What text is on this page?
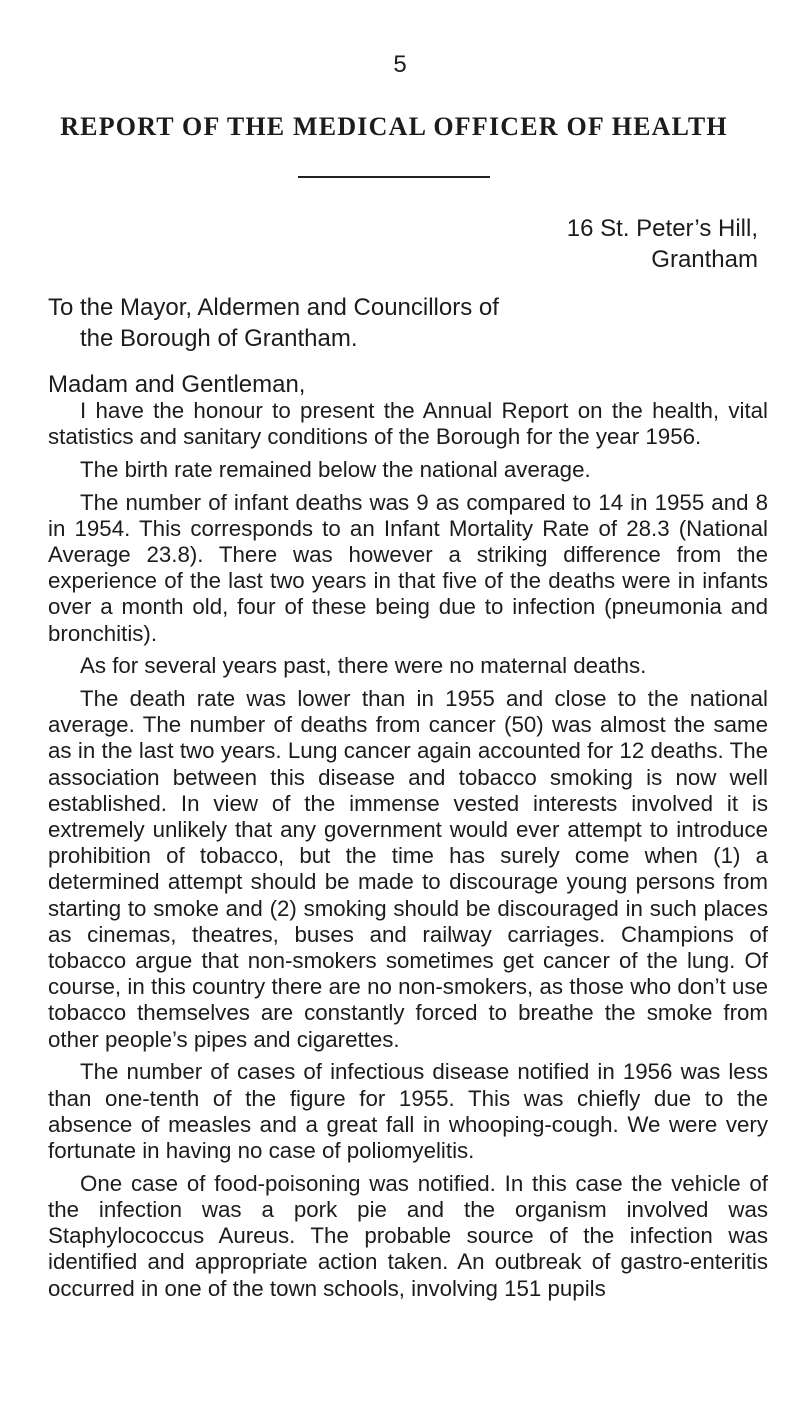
5
REPORT OF THE MEDICAL OFFICER OF HEALTH
16 St. Peter’s Hill,
Grantham
To the Mayor, Aldermen and Councillors of
the Borough of Grantham.
Madam and Gentleman,

I have the honour to present the Annual Report on the health, vital statistics and sanitary conditions of the Borough for the year 1956.

The birth rate remained below the national average.

The number of infant deaths was 9 as compared to 14 in 1955 and 8 in 1954. This corresponds to an Infant Mortality Rate of 28.3 (National Average 23.8). There was however a striking difference from the experience of the last two years in that five of the deaths were in infants over a month old, four of these being due to infection (pneumonia and bronchitis).

As for several years past, there were no maternal deaths.

The death rate was lower than in 1955 and close to the national average. The number of deaths from cancer (50) was almost the same as in the last two years. Lung cancer again accounted for 12 deaths. The association between this disease and tobacco smoking is now well established. In view of the immense vested interests involved it is extremely unlikely that any government would ever attempt to introduce prohibition of tobacco, but the time has surely come when (1) a determined attempt should be made to discourage young persons from starting to smoke and (2) smoking should be discouraged in such places as cinemas, theatres, buses and railway carriages. Champions of tobacco argue that non-smokers sometimes get cancer of the lung. Of course, in this country there are no non-smokers, as those who don’t use tobacco themselves are constantly forced to breathe the smoke from other people’s pipes and cigarettes.

The number of cases of infectious disease notified in 1956 was less than one-tenth of the figure for 1955. This was chiefly due to the absence of measles and a great fall in whooping-cough. We were very fortunate in having no case of poliomyelitis.

One case of food-poisoning was notified. In this case the vehicle of the infection was a pork pie and the organism involved was Staphylococcus Aureus. The probable source of the infection was identified and appropriate action taken. An outbreak of gastro-enteritis occurred in one of the town schools, involving 151 pupils
